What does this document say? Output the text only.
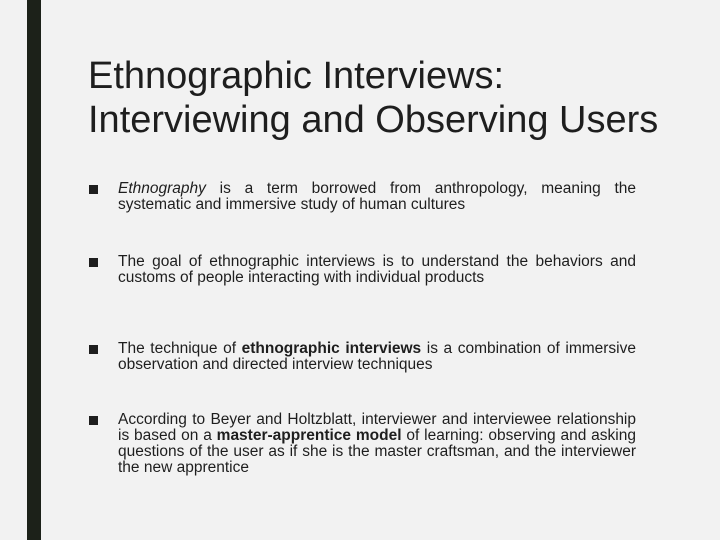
Ethnographic Interviews: Interviewing and Observing Users
Ethnography is a term borrowed from anthropology, meaning the systematic and immersive study of human cultures
The goal of ethnographic interviews is to understand the behaviors and customs of people interacting with individual products
The technique of ethnographic interviews is a combination of immersive observation and directed interview techniques
According to Beyer and Holtzblatt, interviewer and interviewee relationship is based on a master-apprentice model of learning: observing and asking questions of the user as if she is the master craftsman, and the interviewer the new apprentice
